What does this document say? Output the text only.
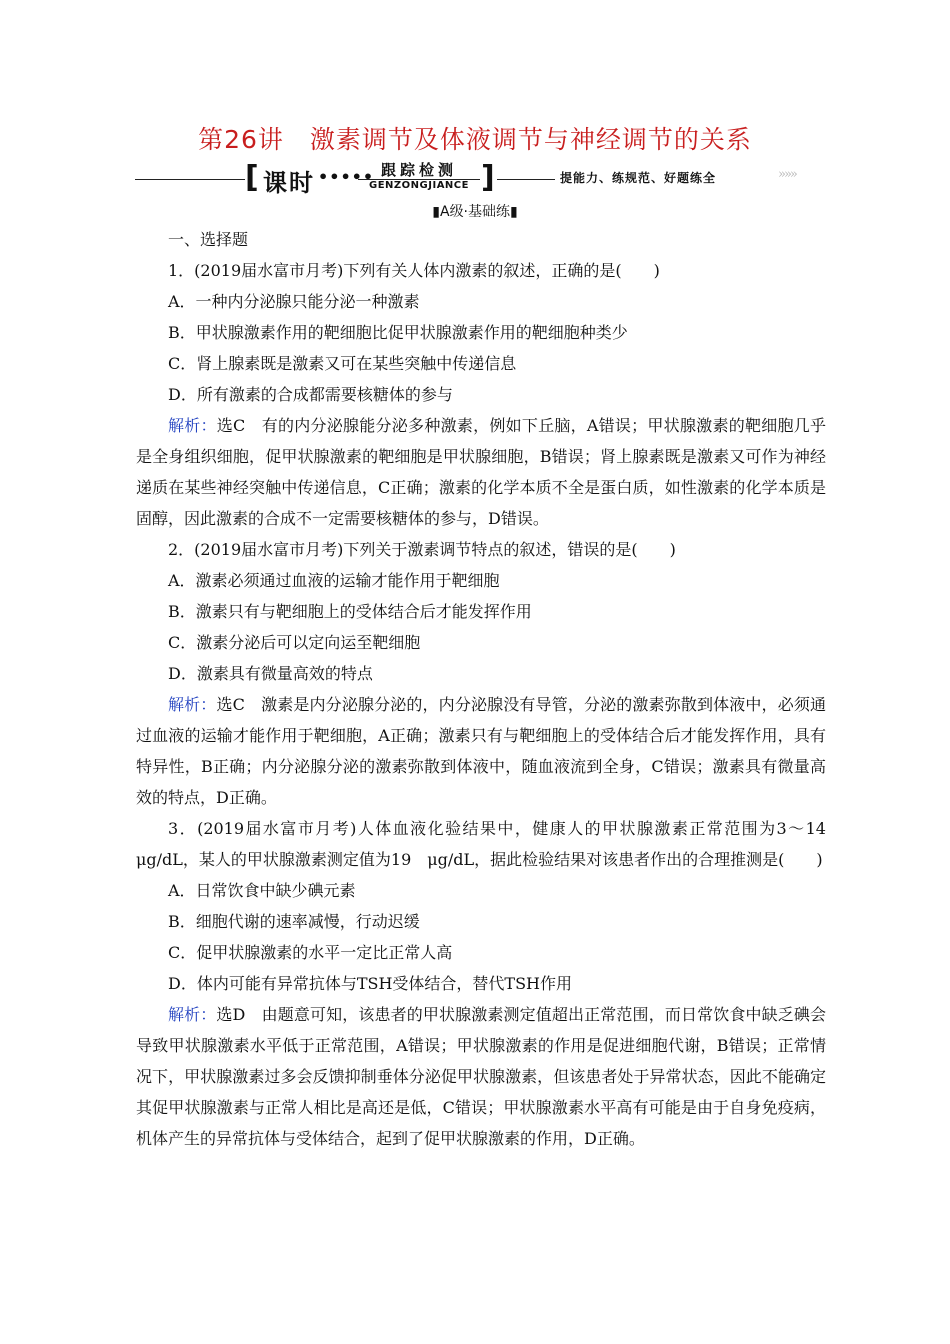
第26讲　激素调节及体液调节与神经调节的关系
[ 课时 ••••• 跟踪检测
GENZONGJIANCE ]	提能力、练规范、好题练全	»»»
▮A级·基础练▮

一、选择题

1．(2019届水富市月考)下列有关人体内激素的叙述，正确的是(　　)

A．一种内分泌腺只能分泌一种激素

B．甲状腺激素作用的靶细胞比促甲状腺激素作用的靶细胞种类少

C．肾上腺素既是激素又可在某些突触中传递信息

D．所有激素的合成都需要核糖体的参与

解析：选C　有的内分泌腺能分泌多种激素，例如下丘脑，A错误；甲状腺激素的靶细胞几乎是全身组织细胞，促甲状腺激素的靶细胞是甲状腺细胞，B错误；肾上腺素既是激素又可作为神经递质在某些神经突触中传递信息，C正确；激素的化学本质不全是蛋白质，如性激素的化学本质是固醇，因此激素的合成不一定需要核糖体的参与，D错误。

2．(2019届水富市月考)下列关于激素调节特点的叙述，错误的是(　　)

A．激素必须通过血液的运输才能作用于靶细胞

B．激素只有与靶细胞上的受体结合后才能发挥作用

C．激素分泌后可以定向运至靶细胞

D．激素具有微量高效的特点

解析：选C　激素是内分泌腺分泌的，内分泌腺没有导管，分泌的激素弥散到体液中，必须通过血液的运输才能作用于靶细胞，A正确；激素只有与靶细胞上的受体结合后才能发挥作用，具有特异性，B正确；内分泌腺分泌的激素弥散到体液中，随血液流到全身，C错误；激素具有微量高效的特点，D正确。

3．(2019届水富市月考)人体血液化验结果中，健康人的甲状腺激素正常范围为3～14 μg/dL，某人的甲状腺激素测定值为19　μg/dL，据此检验结果对该患者作出的合理推测是(　　)

A．日常饮食中缺少碘元素

B．细胞代谢的速率减慢，行动迟缓

C．促甲状腺激素的水平一定比正常人高

D．体内可能有异常抗体与TSH受体结合，替代TSH作用

解析：选D　由题意可知，该患者的甲状腺激素测定值超出正常范围，而日常饮食中缺乏碘会导致甲状腺激素水平低于正常范围，A错误；甲状腺激素的作用是促进细胞代谢，B错误；正常情况下，甲状腺激素过多会反馈抑制垂体分泌促甲状腺激素，但该患者处于异常状态，因此不能确定其促甲状腺激素与正常人相比是高还是低，C错误；甲状腺激素水平高有可能是由于自身免疫病，机体产生的异常抗体与受体结合，起到了促甲状腺激素的作用，D正确。
